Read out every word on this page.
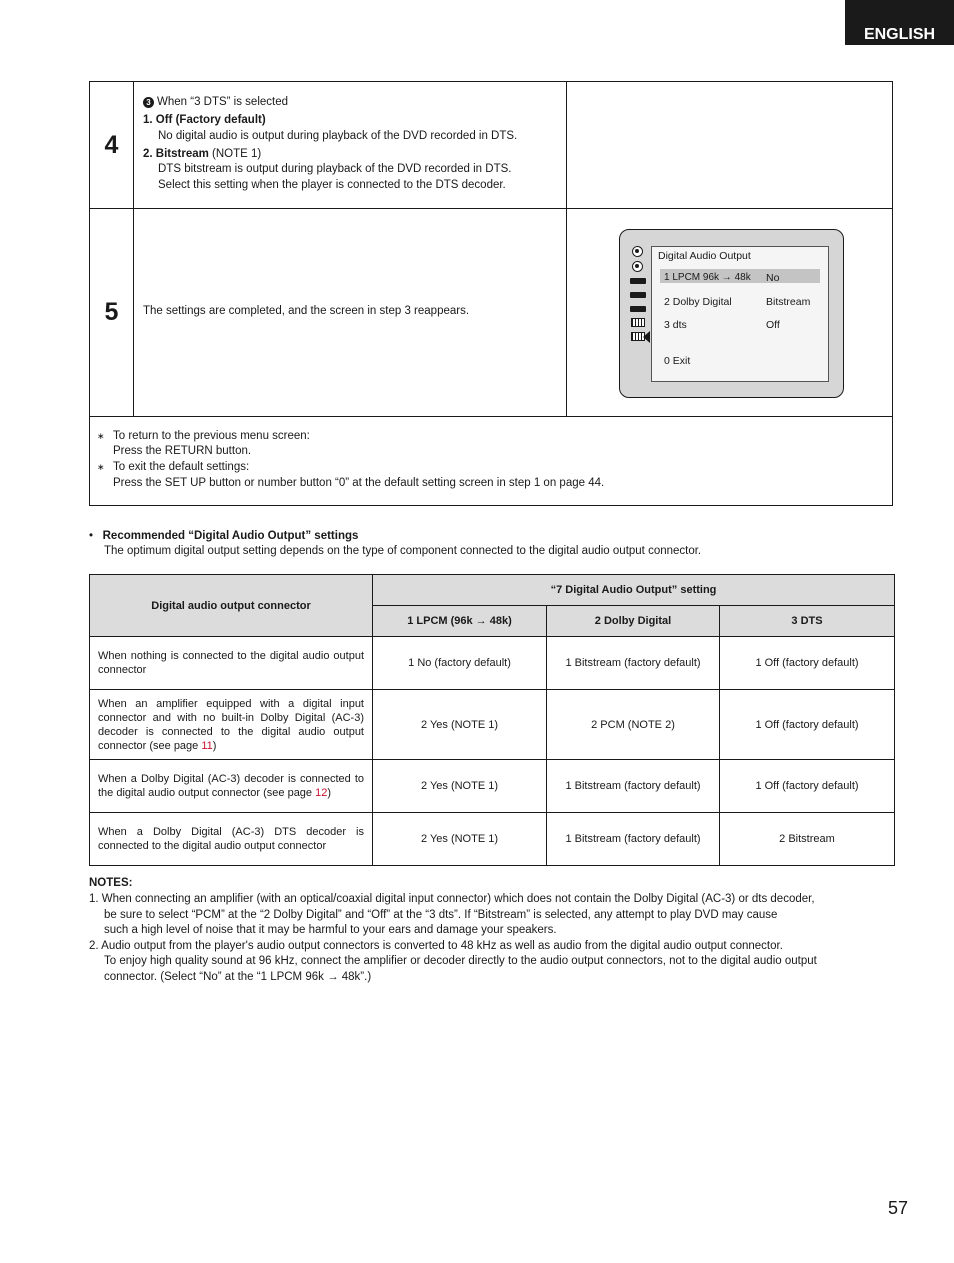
ENGLISH
4
3 When “3 DTS” is selected
1. Off (Factory default)
No digital audio is output during playback of the DVD recorded in DTS.
2. Bitstream (NOTE 1)
DTS bitstream is output during playback of the DVD recorded in DTS.
Select this setting when the player is connected to the DTS decoder.
5	The settings are completed, and the screen in step 3 reappears.
∗ To return to the previous menu screen:
Press the RETURN button.
∗ To exit the default settings:
Press the SET UP button or number button “0” at the default setting screen in step 1 on page 44.
Digital Audio Output
1 LPCM 96k → 48k No
2 Dolby Digital	Bitstream
3 dts	Off
0 Exit
•   Recommended “Digital Audio Output” settings
The optimum digital output setting depends on the type of component connected to the digital audio output connector.
Digital audio output connector	“7 Digital Audio Output” setting		
	1 LPCM (96k → 48k)	2 Dolby Digital	3 DTS
When nothing is connected to the digital audio output connector	1 No (factory default)	1 Bitstream (factory default)	1 Off (factory default)
When an amplifier equipped with a digital input connector and with no built-in Dolby Digital (AC-3) decoder is connected to the digital audio output connector (see page 11)	2 Yes (NOTE 1)	2 PCM (NOTE 2)	1 Off (factory default)
When a Dolby Digital (AC-3) decoder is connected to the digital audio output connector (see page 12)	2 Yes (NOTE 1)	1 Bitstream (factory default)	1 Off (factory default)
When a Dolby Digital (AC-3) DTS decoder is connected to the digital audio output connector	2 Yes (NOTE 1)	1 Bitstream (factory default)	2 Bitstream
NOTES:
1. When connecting an amplifier (with an optical/coaxial digital input connector) which does not contain the Dolby Digital (AC-3) or dts decoder,
be sure to select “PCM” at the “2 Dolby Digital” and “Off” at the “3 dts”. If “Bitstream” is selected, any attempt to play DVD may cause
such a high level of noise that it may be harmful to your ears and damage your speakers.
2. Audio output from the player's audio output connectors is converted to 48 kHz as well as audio from the digital audio output connector.
To enjoy high quality sound at 96 kHz, connect the amplifier or decoder directly to the audio output connectors, not to the digital audio output
connector. (Select “No” at the “1 LPCM 96k → 48k”.)
57
